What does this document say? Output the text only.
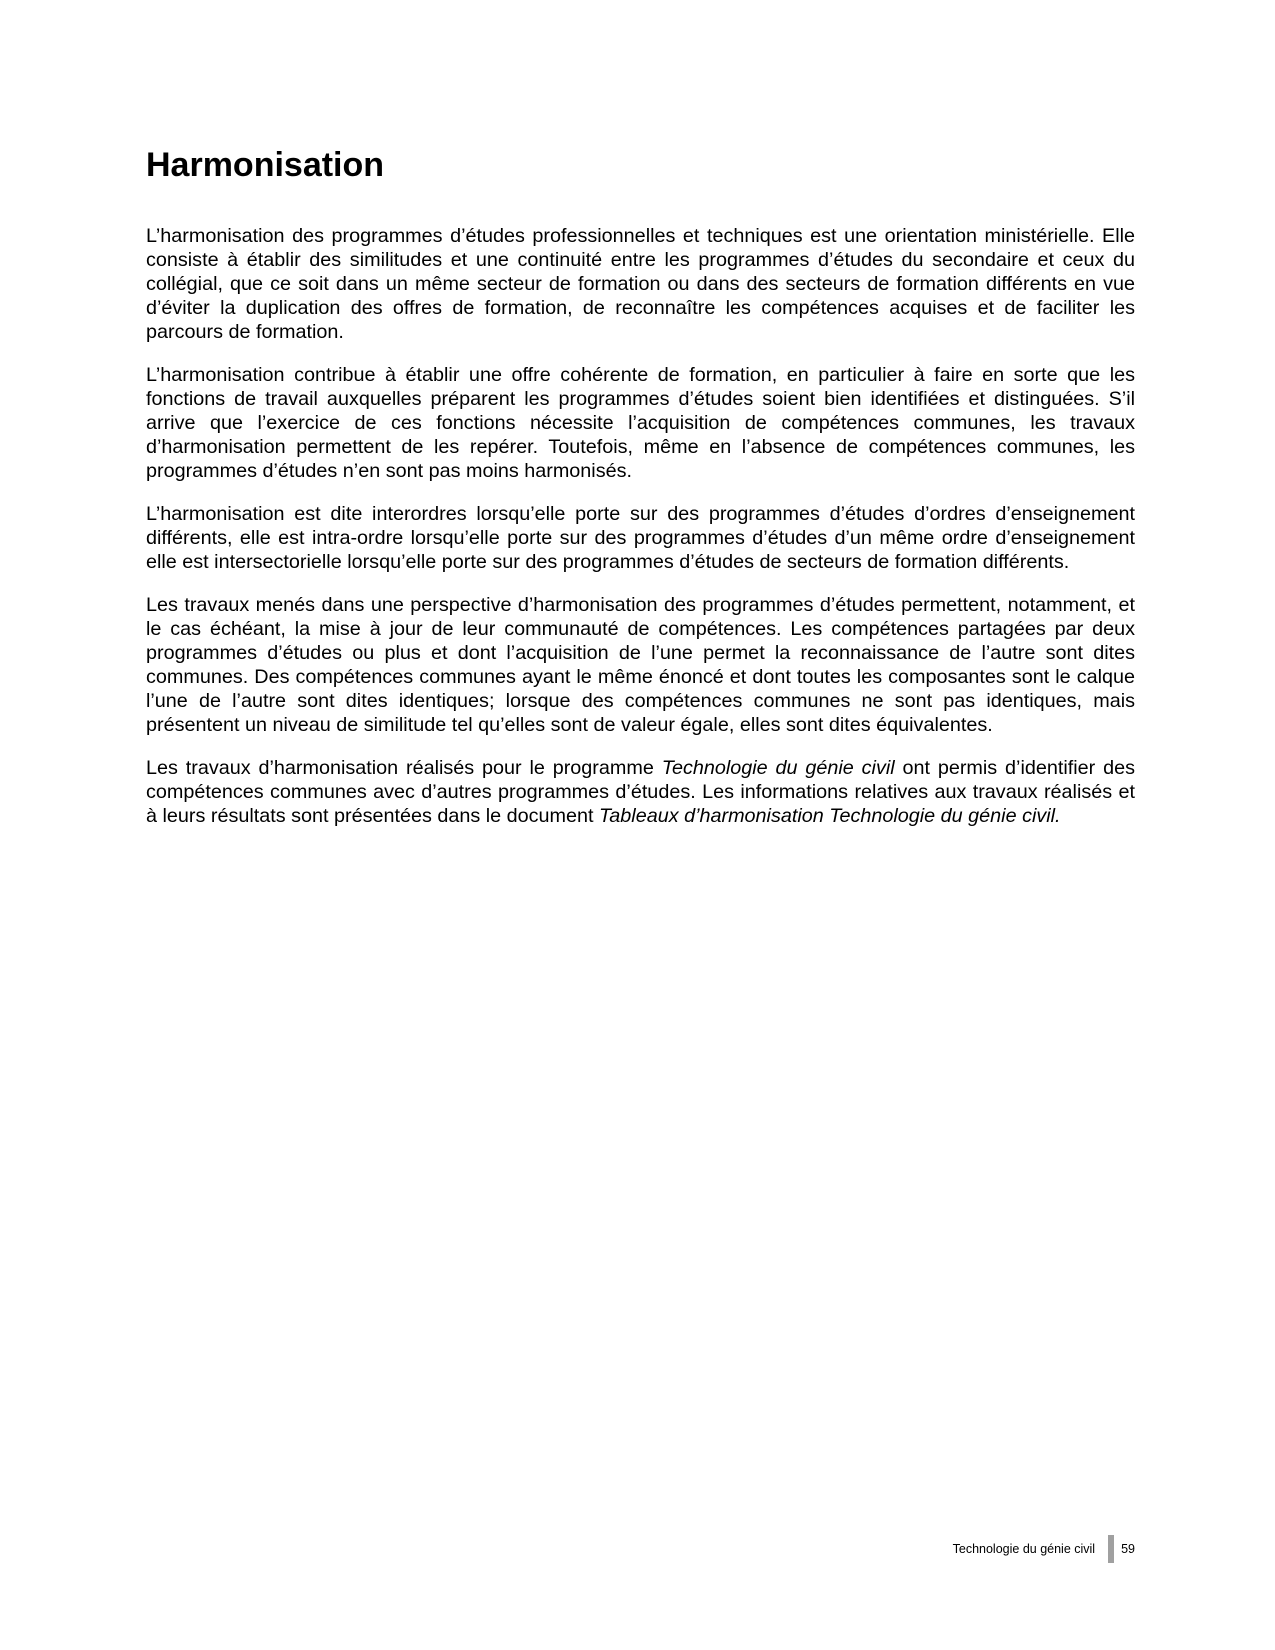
Harmonisation

L’harmonisation des programmes d’études professionnelles et techniques est une orientation ministérielle. Elle consiste à établir des similitudes et une continuité entre les programmes d’études du secondaire et ceux du collégial, que ce soit dans un même secteur de formation ou dans des secteurs de formation différents en vue d’éviter la duplication des offres de formation, de reconnaître les compétences acquises et de faciliter les parcours de formation.

L’harmonisation contribue à établir une offre cohérente de formation, en particulier à faire en sorte que les fonctions de travail auxquelles préparent les programmes d’études soient bien identifiées et distinguées. S’il arrive que l’exercice de ces fonctions nécessite l’acquisition de compétences communes, les travaux d’harmonisation permettent de les repérer. Toutefois, même en l’absence de compétences communes, les programmes d’études n’en sont pas moins harmonisés.

L’harmonisation est dite interordres lorsqu’elle porte sur des programmes d’études d’ordres d’enseignement différents, elle est intra-ordre lorsqu’elle porte sur des programmes d’études d’un même ordre d’enseignement elle est intersectorielle lorsqu’elle porte sur des programmes d’études de secteurs de formation différents.

Les travaux menés dans une perspective d’harmonisation des programmes d’études permettent, notamment, et le cas échéant, la mise à jour de leur communauté de compétences. Les compétences partagées par deux programmes d’études ou plus et dont l’acquisition de l’une permet la reconnaissance de l’autre sont dites communes. Des compétences communes ayant le même énoncé et dont toutes les composantes sont le calque l’une de l’autre sont dites identiques; lorsque des compétences communes ne sont pas identiques, mais présentent un niveau de similitude tel qu’elles sont de valeur égale, elles sont dites équivalentes.

Les travaux d’harmonisation réalisés pour le programme Technologie du génie civil ont permis d’identifier des compétences communes avec d’autres programmes d’études. Les informations relatives aux travaux réalisés et à leurs résultats sont présentées dans le document Tableaux d’harmonisation Technologie du génie civil.

Technologie du génie civil 59
